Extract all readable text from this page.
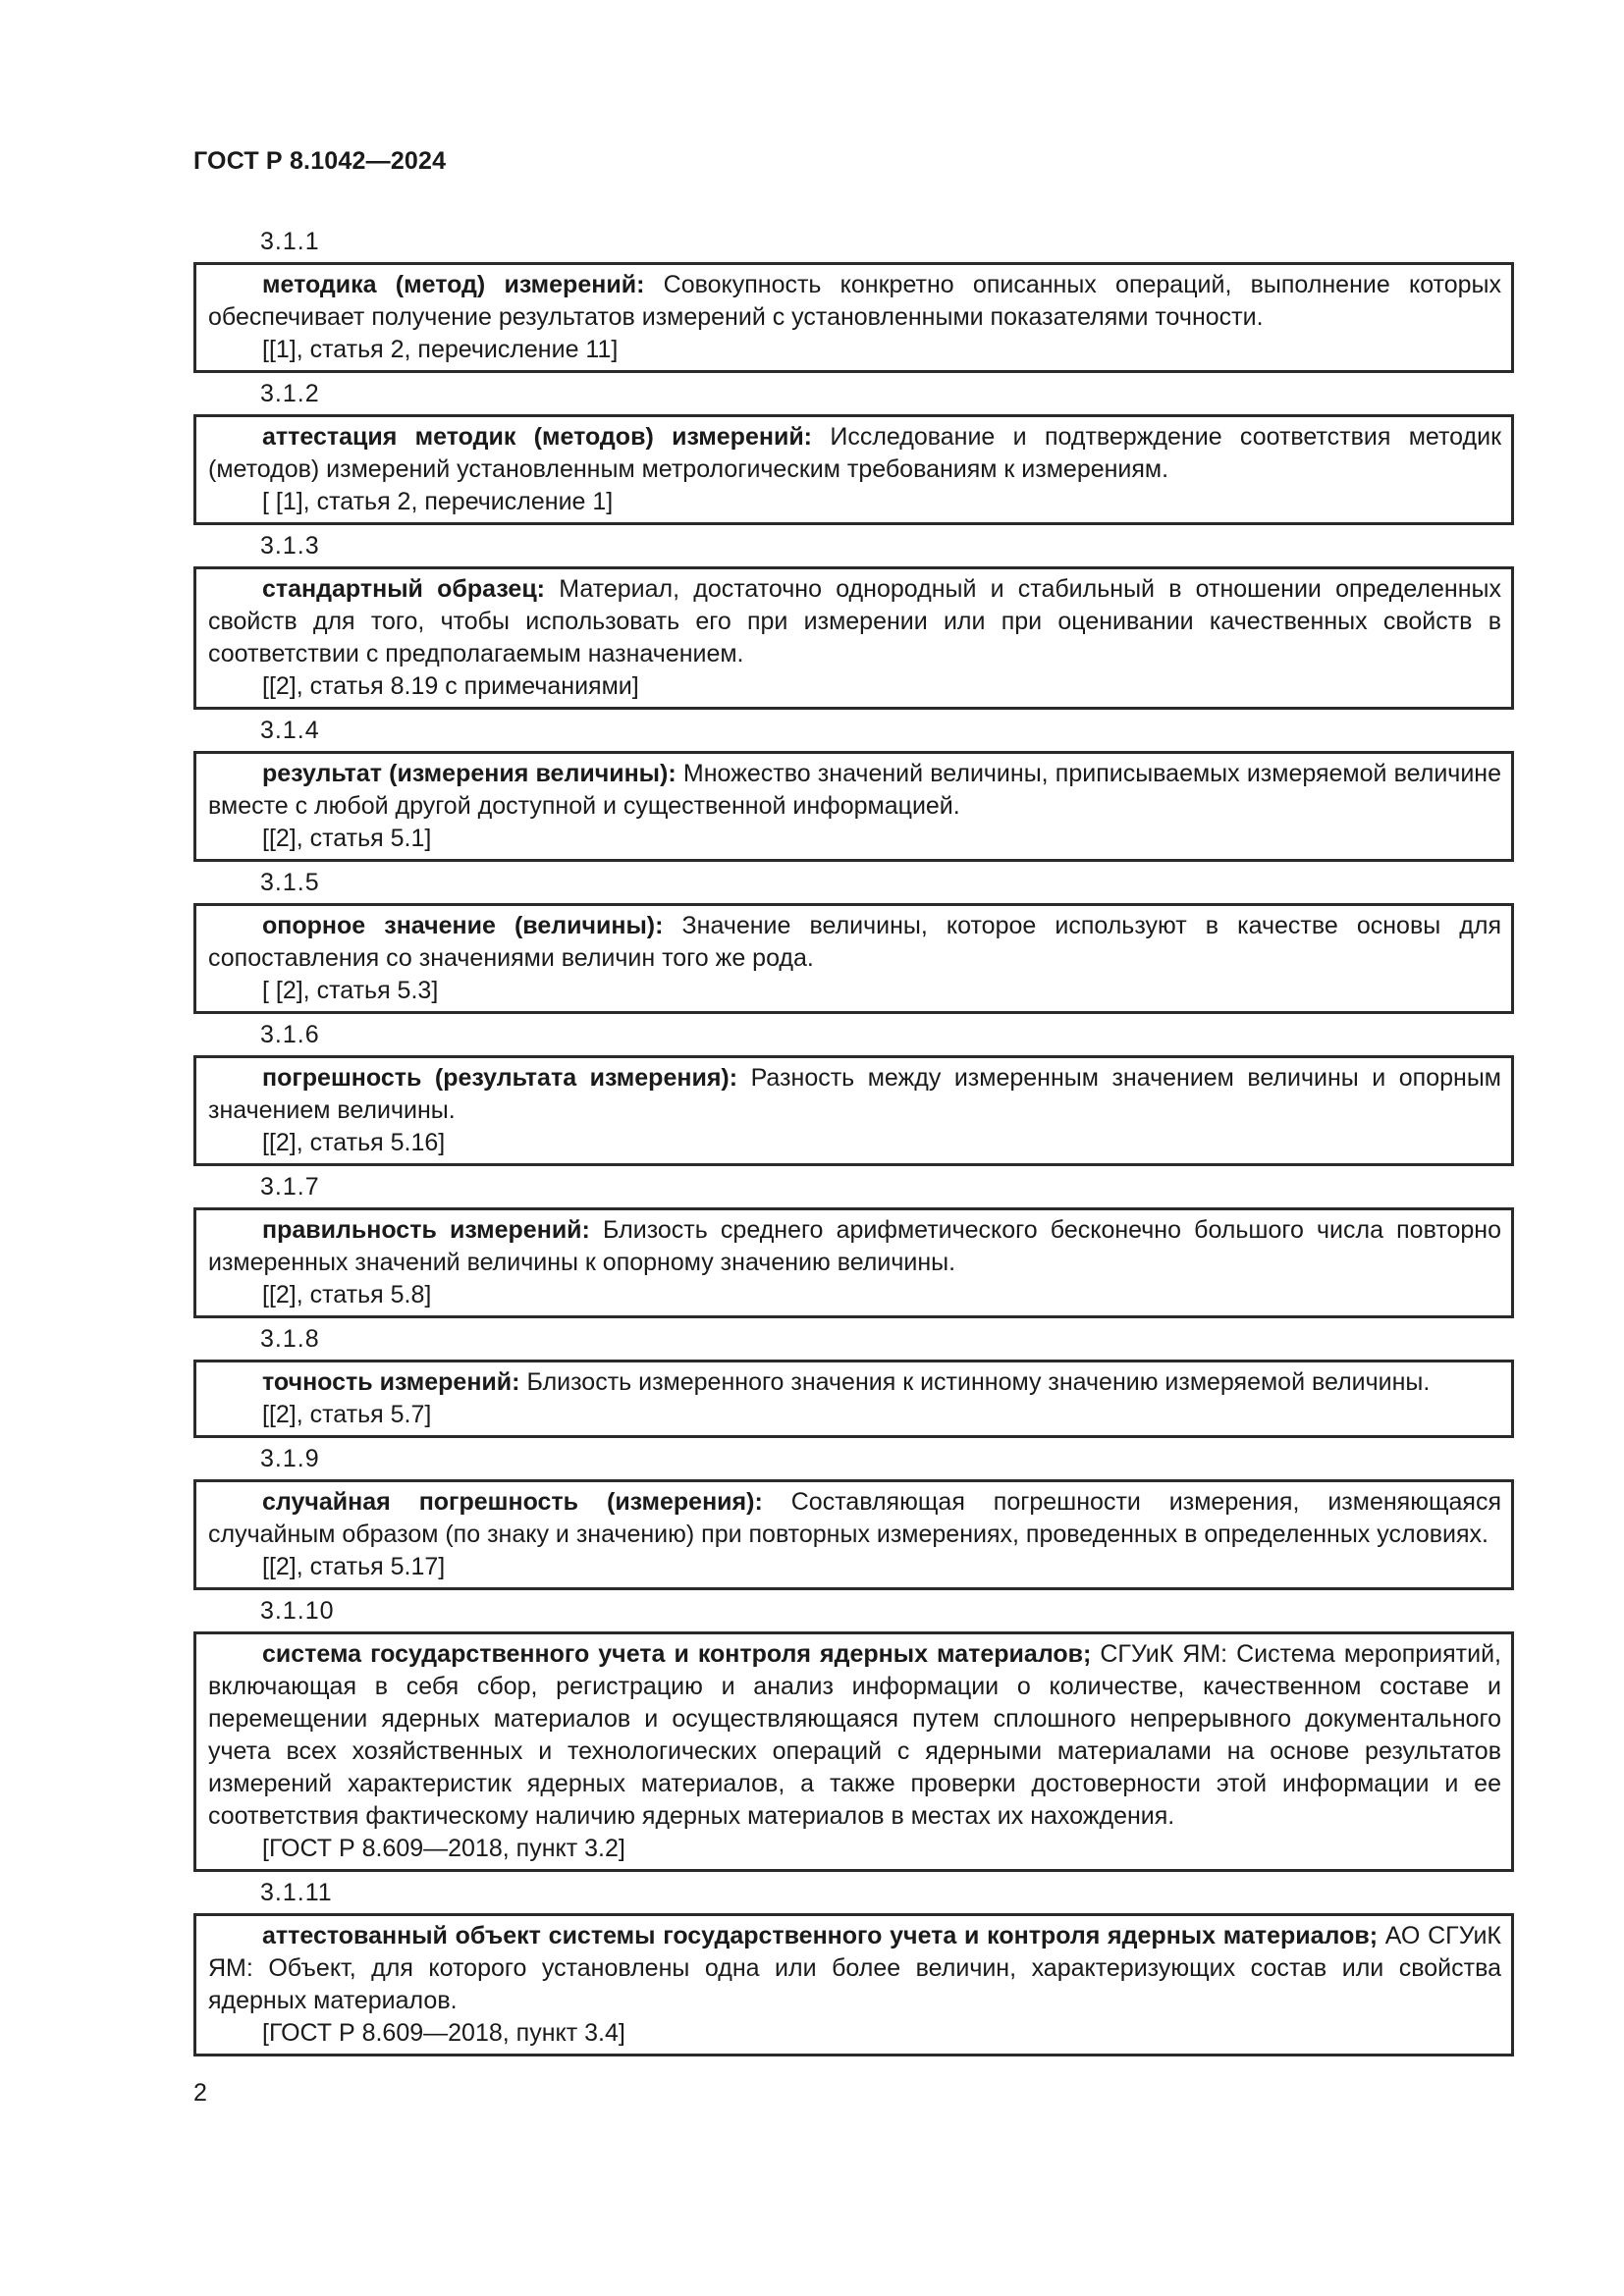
ГОСТ Р 8.1042—2024
3.1.1
методика (метод) измерений: Совокупность конкретно описанных операций, выполнение которых обеспечивает получение результатов измерений с установленными показателями точности.
[[1], статья 2, перечисление 11]
3.1.2
аттестация методик (методов) измерений: Исследование и подтверждение соответствия методик (методов) измерений установленным метрологическим требованиям к измерениям.
[ [1], статья 2, перечисление 1]
3.1.3
стандартный образец: Материал, достаточно однородный и стабильный в отношении определенных свойств для того, чтобы использовать его при измерении или при оценивании качественных свойств в соответствии с предполагаемым назначением.
[[2], статья 8.19 с примечаниями]
3.1.4
результат (измерения величины): Множество значений величины, приписываемых измеряемой величине вместе с любой другой доступной и существенной информацией.
[[2], статья 5.1]
3.1.5
опорное значение (величины): Значение величины, которое используют в качестве основы для сопоставления со значениями величин того же рода.
[ [2], статья 5.3]
3.1.6
погрешность (результата измерения): Разность между измеренным значением величины и опорным значением величины.
[[2], статья 5.16]
3.1.7
правильность измерений: Близость среднего арифметического бесконечно большого числа повторно измеренных значений величины к опорному значению величины.
[[2], статья 5.8]
3.1.8
точность измерений: Близость измеренного значения к истинному значению измеряемой величины.
[[2], статья 5.7]
3.1.9
случайная погрешность (измерения): Составляющая погрешности измерения, изменяющаяся случайным образом (по знаку и значению) при повторных измерениях, проведенных в определенных условиях.
[[2], статья 5.17]
3.1.10
система государственного учета и контроля ядерных материалов; СГУиК ЯМ: Система мероприятий, включающая в себя сбор, регистрацию и анализ информации о количестве, качественном составе и перемещении ядерных материалов и осуществляющаяся путем сплошного непрерывного документального учета всех хозяйственных и технологических операций с ядерными материалами на основе результатов измерений характеристик ядерных материалов, а также проверки достоверности этой информации и ее соответствия фактическому наличию ядерных материалов в местах их нахождения.
[ГОСТ Р 8.609—2018, пункт 3.2]
3.1.11
аттестованный объект системы государственного учета и контроля ядерных материалов; АО СГУиК ЯМ: Объект, для которого установлены одна или более величин, характеризующих состав или свойства ядерных материалов.
[ГОСТ Р 8.609—2018, пункт 3.4]
2
